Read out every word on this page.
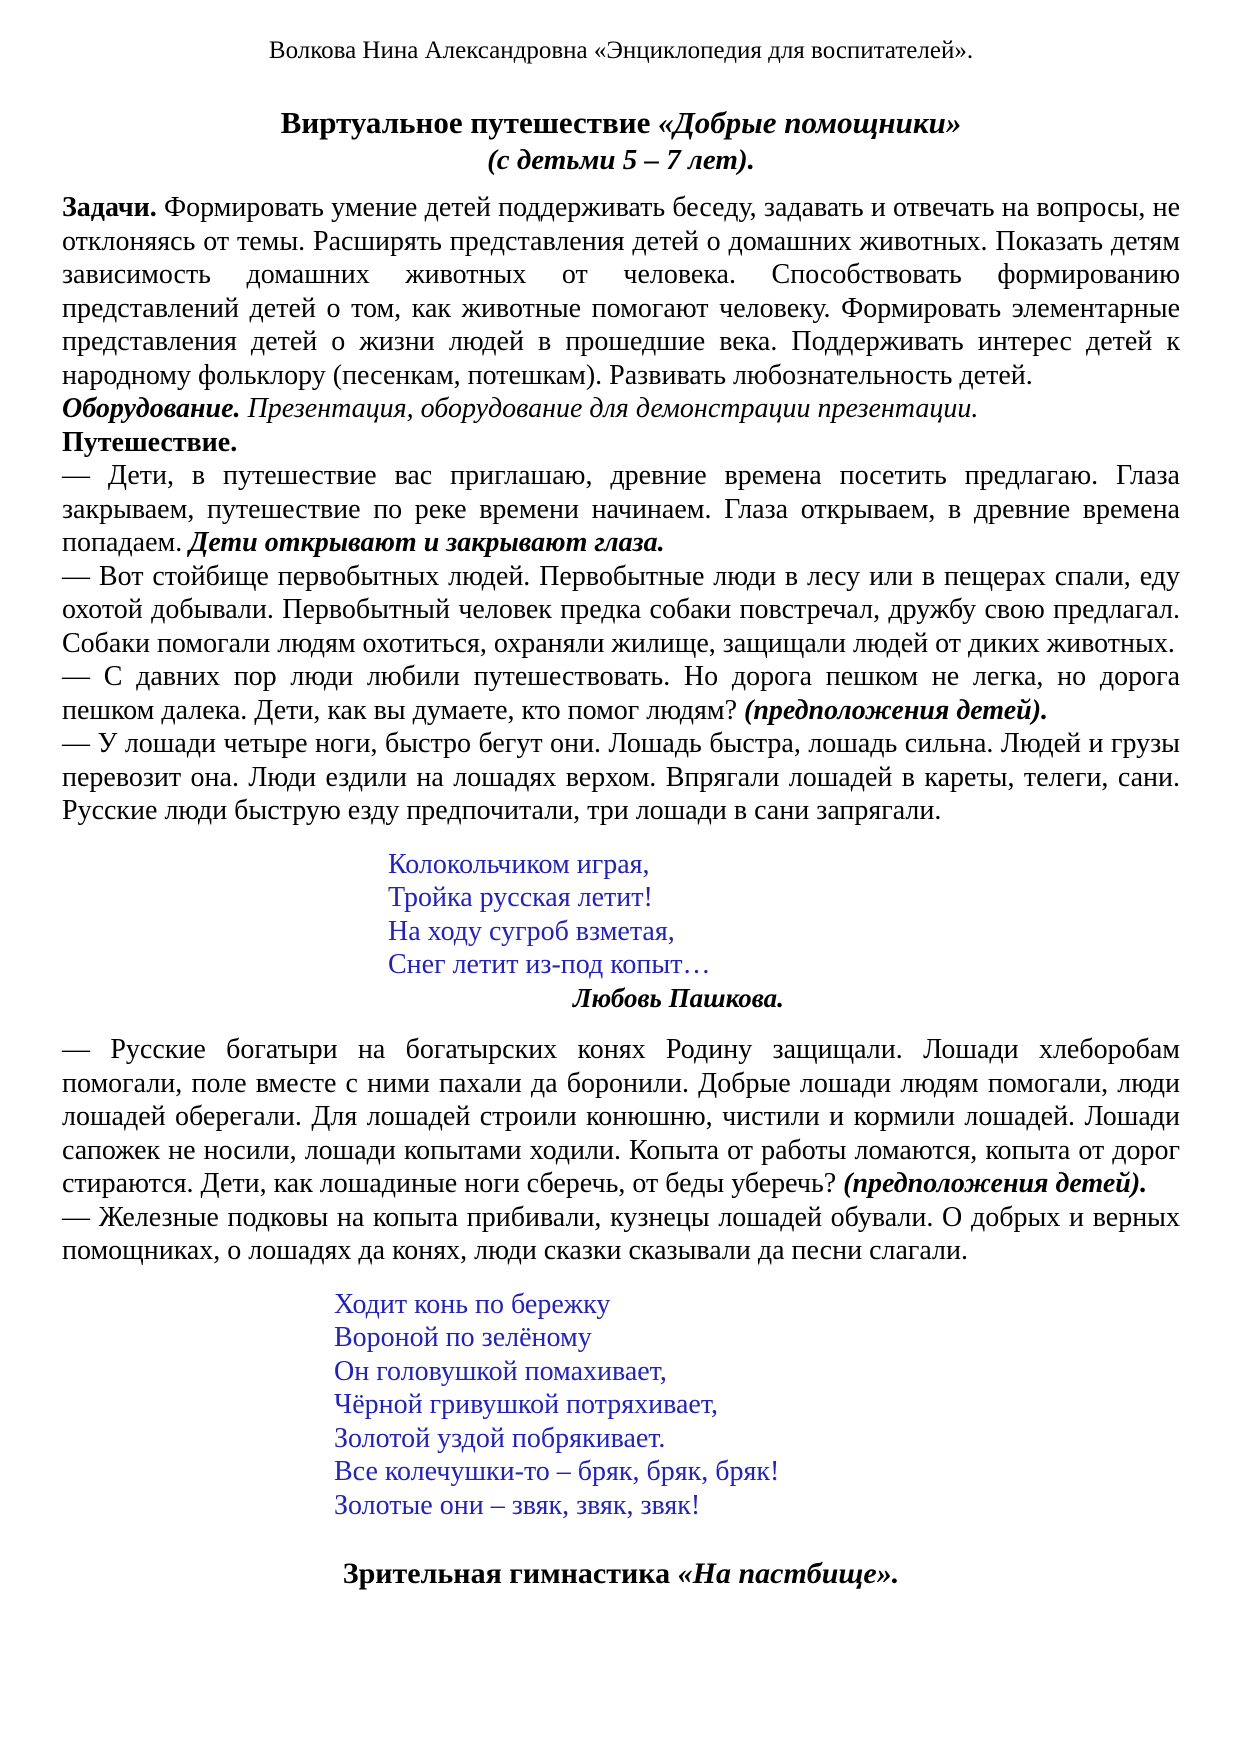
Волкова Нина Александровна «Энциклопедия для воспитателей».

Виртуальное путешествие «Добрые помощники»

(с детьми 5 – 7 лет).

Задачи. Формировать умение детей поддерживать беседу, задавать и отвечать на вопросы, не отклоняясь от темы. Расширять представления детей о домашних животных. Показать детям зависимость домашних животных от человека. Способствовать формированию представлений детей о том, как животные помогают человеку. Формировать элементарные представления детей о жизни людей в прошедшие века. Поддерживать интерес детей к народному фольклору (песенкам, потешкам). Развивать любознательность детей.

Оборудование. Презентация, оборудование для демонстрации презентации.

Путешествие.

— Дети, в путешествие вас приглашаю, древние времена посетить предлагаю. Глаза закрываем, путешествие по реке времени начинаем. Глаза открываем, в древние времена попадаем. Дети открывают и закрывают глаза.

— Вот стойбище первобытных людей. Первобытные люди в лесу или в пещерах спали, еду охотой добывали. Первобытный человек предка собаки повстречал, дружбу свою предлагал. Собаки помогали людям охотиться, охраняли жилище, защищали людей от диких животных.

— С давних пор люди любили путешествовать. Но дорога пешком не легка, но дорога пешком далека. Дети, как вы думаете, кто помог людям? (предположения детей).

— У лошади четыре ноги, быстро бегут они. Лошадь быстра, лошадь сильна. Людей и грузы перевозит она. Люди ездили на лошадях верхом. Впрягали лошадей в кареты, телеги, сани. Русские люди быструю езду предпочитали, три лошади в сани запрягали.

Колокольчиком играя,

Тройка русская летит!

На ходу сугроб взметая,

Снег летит из-под копыт…

Любовь Пашкова.

— Русские богатыри на богатырских конях Родину защищали. Лошади хлеборобам помогали, поле вместе с ними пахали да боронили. Добрые лошади людям помогали, люди лошадей оберегали. Для лошадей строили конюшню, чистили и кормили лошадей. Лошади сапожек не носили, лошади копытами ходили. Копыта от работы ломаются, копыта от дорог стираются. Дети, как лошадиные ноги сберечь, от беды уберечь? (предположения детей).

— Железные подковы на копыта прибивали, кузнецы лошадей обували. О добрых и верных помощниках, о лошадях да конях, люди сказки сказывали да песни слагали.

Ходит конь по бережку

Вороной по зелёному

Он головушкой помахивает,

Чёрной гривушкой потряхивает,

Золотой уздой побрякивает.

Все колечушки-то – бряк, бряк, бряк!

Золотые они – звяк, звяк, звяк!

Зрительная гимнастика «На пастбище».
